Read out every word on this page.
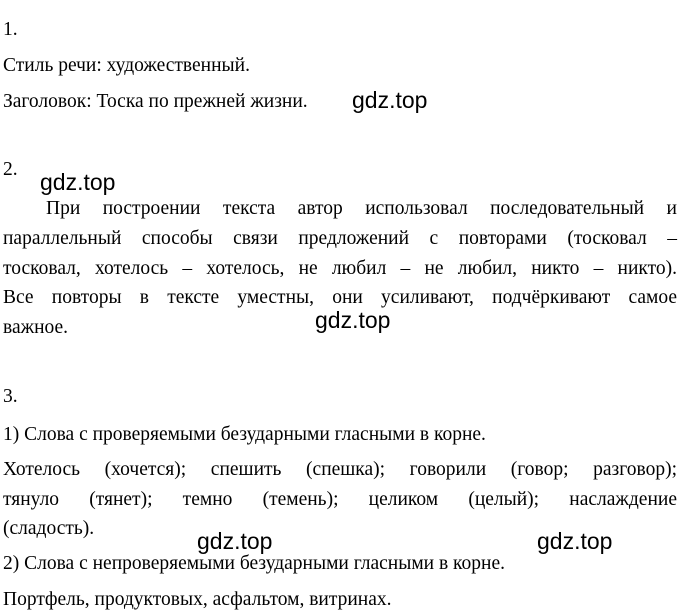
1.
Стиль речи: художественный.
Заголовок: Тоска по прежней жизни. gdz.top
2. gdz.top
При построении текста автор использовал последовательный и
параллельный способы связи предложений с повторами (тосковал –
тосковал, хотелось – хотелось, не любил – не любил, никто – никто).
Все повторы в тексте уместны, они усиливают, подчёркивают самое
важное.	gdz.top
3.
1) Слова с проверяемыми безударными гласными в корне.
Хотелось (хочется); спешить (спешка); говорили (говор; разговор);
тянуло (тянет); темно (темень); целиком (целый); наслаждение
(сладость).	gdz.top	gdz.top
2) Слова с непроверяемыми безударными гласными в корне.
Портфель, продуктовых, асфальтом, витринах.
